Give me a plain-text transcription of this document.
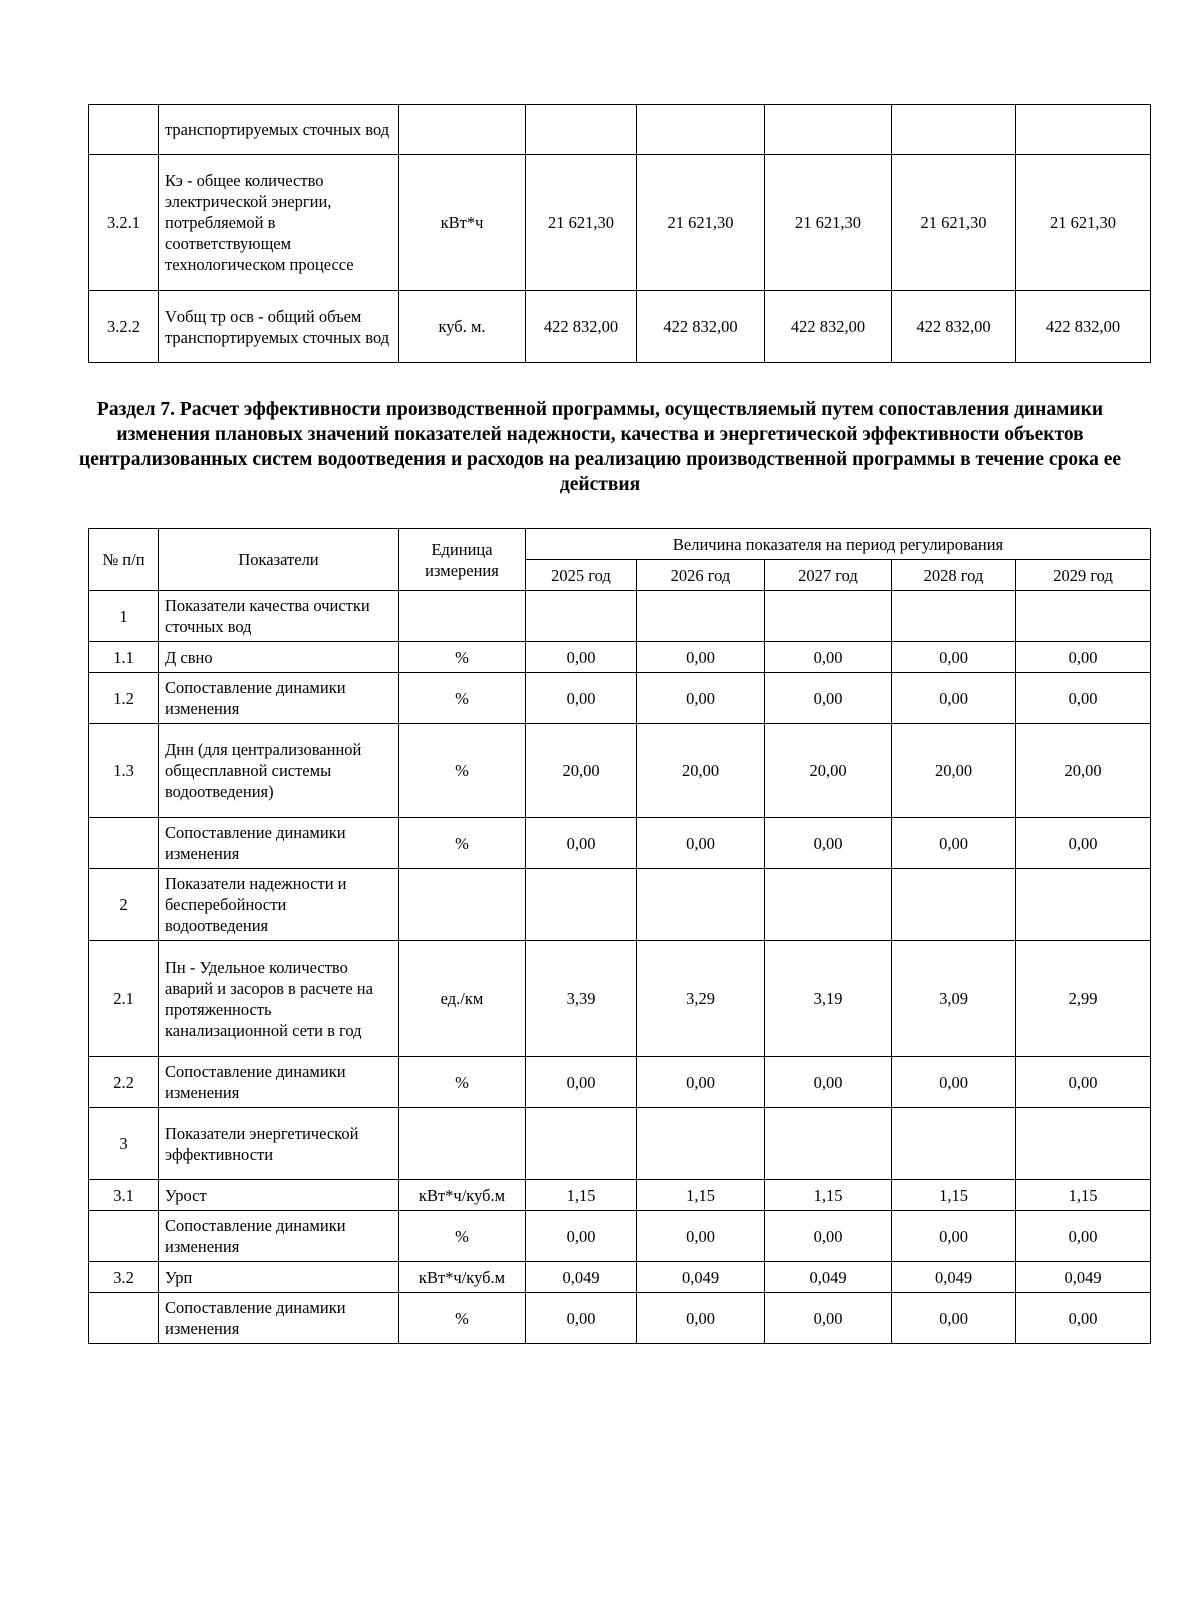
	транспортируемых сточных вод						
3.2.1	Кэ - общее количество электрической энергии, потребляемой в соответствующем технологическом процессе	кВт*ч	21 621,30	21 621,30	21 621,30	21 621,30	21 621,30
3.2.2	Vобщ тр осв - общий объем транспортируемых сточных вод	куб. м.	422 832,00	422 832,00	422 832,00	422 832,00	422 832,00
Раздел 7. Расчет эффективности производственной программы, осуществляемый путем сопоставления динамики изменения плановых значений показателей надежности, качества и энергетической эффективности объектов централизованных систем водоотведения и расходов на реализацию производственной программы в течение срока ее действия
№ п/п	Показатели	Единица измерения	Величина показателя на период регулирования				
			2025 год	2026 год	2027 год	2028 год	2029 год
1	Показатели качества очистки сточных вод						
1.1	Д свно	%	0,00	0,00	0,00	0,00	0,00
1.2	Сопоставление динамики изменения	%	0,00	0,00	0,00	0,00	0,00
1.3	Днн (для централизованной общесплавной системы водоотведения)	%	20,00	20,00	20,00	20,00	20,00
	Сопоставление динамики изменения	%	0,00	0,00	0,00	0,00	0,00
2	Показатели надежности и бесперебойности водоотведения						
2.1	Пн - Удельное количество аварий и засоров в расчете на протяженность канализационной сети в год	ед./км	3,39	3,29	3,19	3,09	2,99
2.2	Сопоставление динамики изменения	%	0,00	0,00	0,00	0,00	0,00
3	Показатели энергетической эффективности						
3.1	Урост	кВт*ч/куб.м	1,15	1,15	1,15	1,15	1,15
	Сопоставление динамики изменения	%	0,00	0,00	0,00	0,00	0,00
3.2	Урп	кВт*ч/куб.м	0,049	0,049	0,049	0,049	0,049
	Сопоставление динамики изменения	%	0,00	0,00	0,00	0,00	0,00
